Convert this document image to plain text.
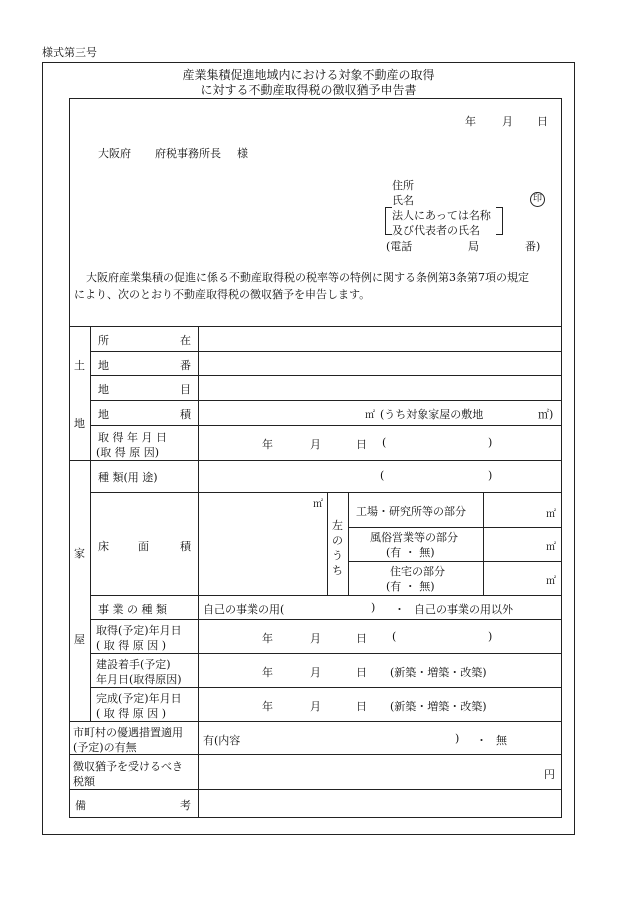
様式第三号
産業集積促進地域内における対象不動産の取得
に対する不動産取得税の徴収猶予申告書
年 月 日
大阪府 府税事務所長 様
住所
氏名	印
法人にあっては名称
及び代表者の氏名
(電話	局	番)
大阪府産業集積の促進に係る不動産取得税の税率等の特例に関する条例第3条第7項の規定
により、次のとおり不動産取得税の徴収猶予を申告します。
土
地
所	在
地	番
地	目
地	積	㎡ (うち対象家屋の敷地	㎡)
取 得 年 月 日
(取 得 原 因)
年	月	日 (	)
家
屋
種 類(用 途)	(	)
床	面	積
㎡
左
の
う
ち
工場・研究所等の部分	㎡
風俗営業等の部分
(有 ・ 無)	㎡
住宅の部分
(有 ・ 無)	㎡
事 業 の 種 類	自己の事業の用(	) ・ 自己の事業の用以外
取得(予定)年月日
( 取 得 原 因 )
年	月	日 (	)
建設着手(予定)
年月日(取得原因)
年	月	日 (新築・増築・改築)
完成(予定)年月日
( 取 得 原 因 )
年	月	日 (新築・増築・改築)
市町村の優遇措置適用
(予定)の有無
有(内容	) ・ 無
徴収猶予を受けるべき
税額
円
備	考
